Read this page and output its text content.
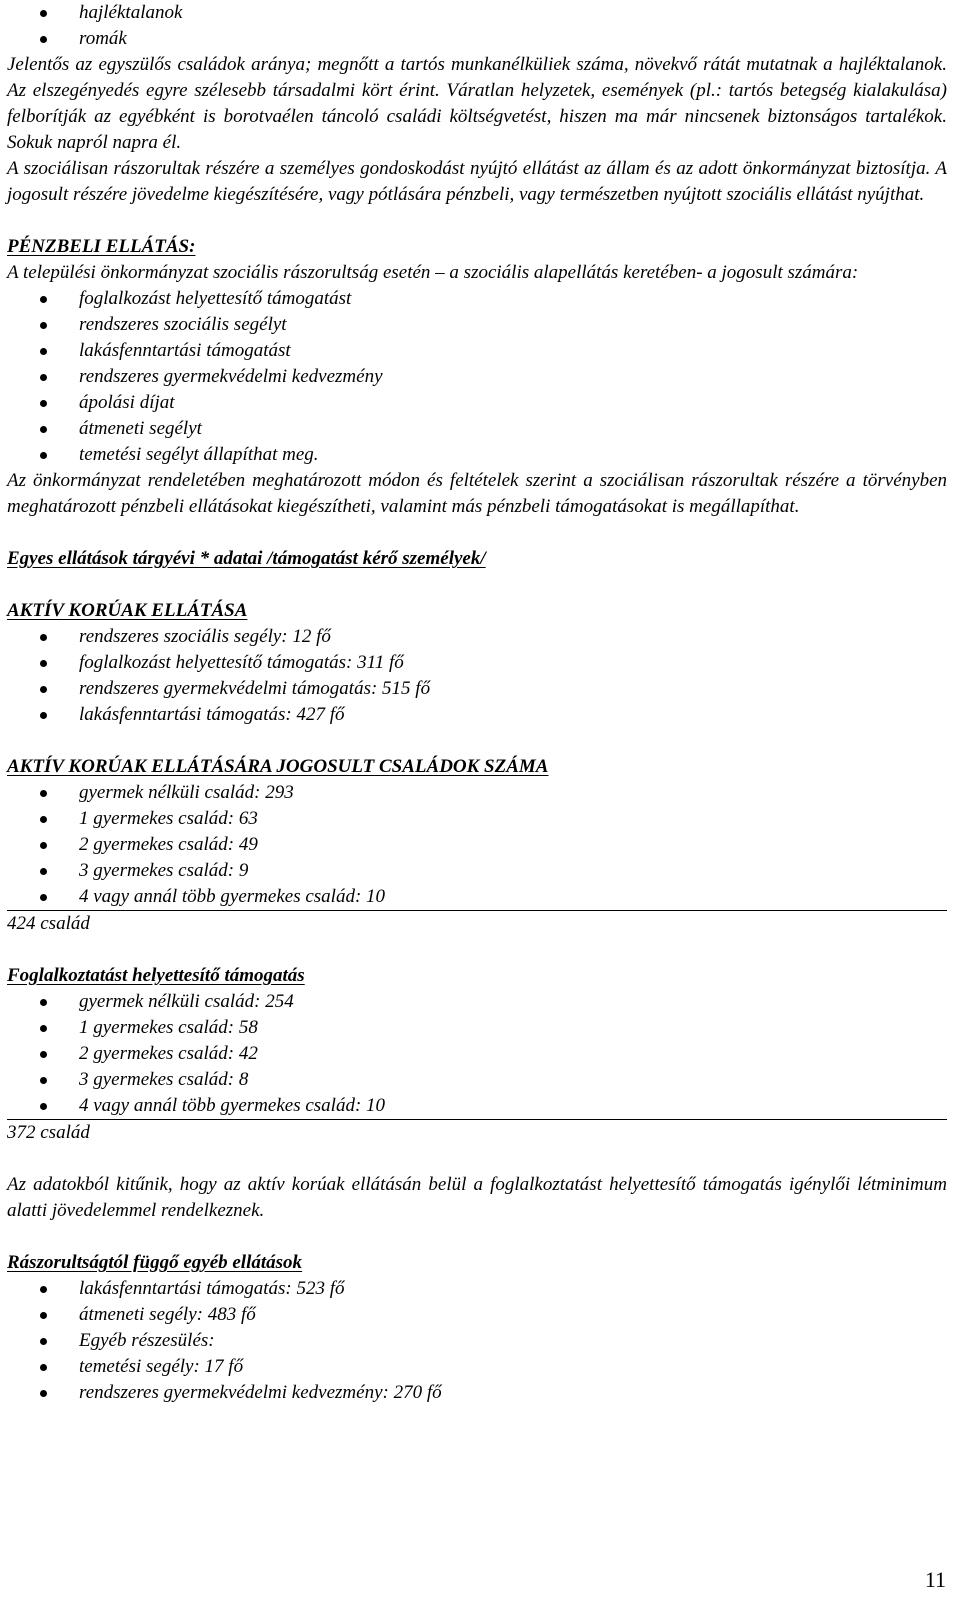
hajléktalanok
romák

Jelentős az egyszülős családok aránya; megnőtt a tartós munkanélküliek száma, növekvő rátát mutatnak a hajléktalanok. Az elszegényedés egyre szélesebb társadalmi kört érint. Váratlan helyzetek, események (pl.: tartós betegség kialakulása) felborítják az egyébként is borotvaélen táncoló családi költségvetést, hiszen ma már nincsenek biztonságos tartalékok. Sokuk napról napra él.

A szociálisan rászorultak részére a személyes gondoskodást nyújtó ellátást az állam és az adott önkormányzat biztosítja. A jogosult részére jövedelme kiegészítésére, vagy pótlására pénzbeli, vagy természetben nyújtott szociális ellátást nyújthat.

PÉNZBELI ELLÁTÁS:

A települési önkormányzat szociális rászorultság esetén – a szociális alapellátás keretében- a jogosult számára:

foglalkozást helyettesítő támogatást
rendszeres szociális segélyt
lakásfenntartási támogatást
rendszeres gyermekvédelmi kedvezmény
ápolási díjat
átmeneti segélyt
temetési segélyt állapíthat meg.

Az önkormányzat rendeletében meghatározott módon és feltételek szerint a szociálisan rászorultak részére a törvényben meghatározott pénzbeli ellátásokat kiegészítheti, valamint más pénzbeli támogatásokat is megállapíthat.

Egyes ellátások tárgyévi * adatai /támogatást kérő személyek/

AKTÍV KORÚAK ELLÁTÁSA

rendszeres szociális segély: 12 fő
foglalkozást helyettesítő támogatás: 311 fő
rendszeres gyermekvédelmi támogatás: 515 fő
lakásfenntartási támogatás: 427 fő

AKTÍV KORÚAK ELLÁTÁSÁRA JOGOSULT CSALÁDOK SZÁMA

gyermek nélküli család: 293
1 gyermekes család: 63
2 gyermekes család: 49
3 gyermekes család: 9
4 vagy annál több gyermekes család: 10

424 család

Foglalkoztatást helyettesítő támogatás

gyermek nélküli család: 254
1 gyermekes család: 58
2 gyermekes család: 42
3 gyermekes család: 8
4 vagy annál több gyermekes család: 10

372 család

Az adatokból kitűnik, hogy az aktív korúak ellátásán belül a foglalkoztatást helyettesítő támogatás igénylői létminimum alatti jövedelemmel rendelkeznek.

Rászorultságtól függő egyéb ellátások

lakásfenntartási támogatás: 523 fő
átmeneti segély: 483 fő
Egyéb részesülés:
temetési segély: 17 fő
rendszeres gyermekvédelmi kedvezmény: 270 fő
11
